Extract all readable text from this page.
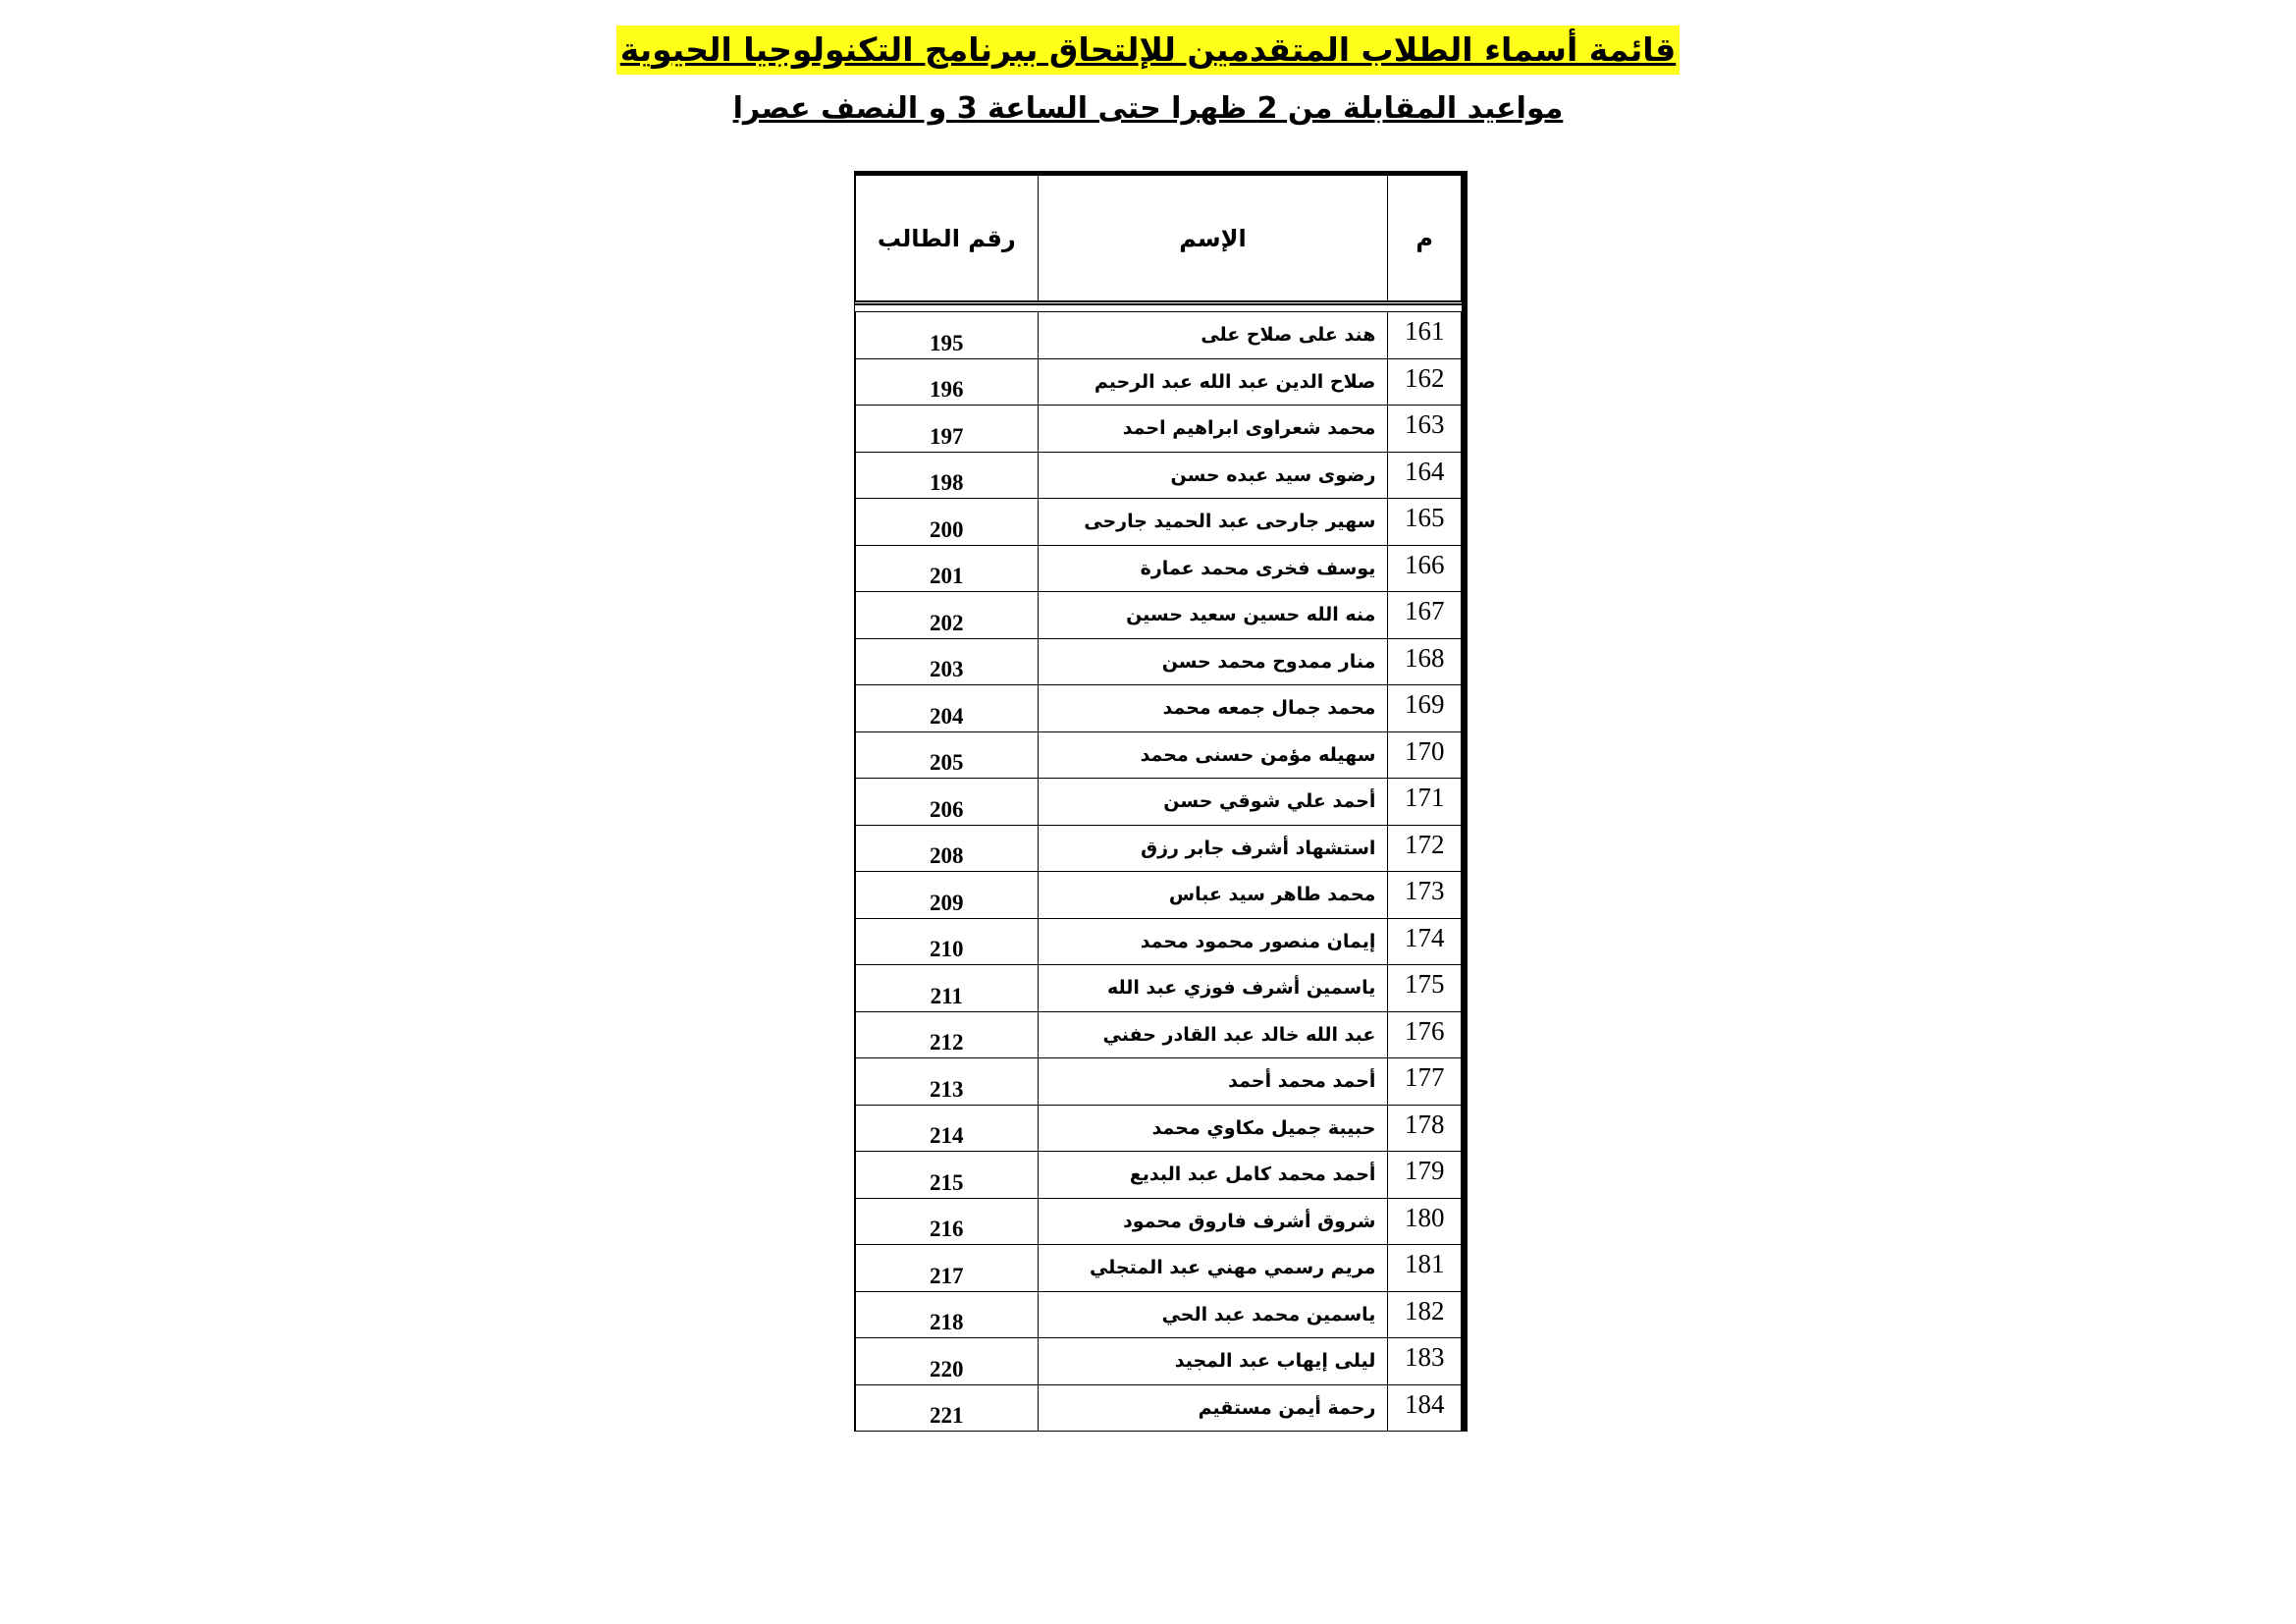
قائمة أسماء الطلاب المتقدمين للإلتحاق ببرنامج التكنولوجيا الحيوية
مواعيد المقابلة من 2 ظهرا حتى الساعة 3 و النصف عصرا
م	الإسم	رقم الطالب

161	هند على صلاح على	195
162	صلاح الدين عبد الله عبد الرحيم	196
163	محمد شعراوى ابراهيم احمد	197
164	رضوى سيد عبده حسن	198
165	سهير جارحى عبد الحميد جارحى	200
166	يوسف فخرى محمد عمارة	201
167	منه الله حسين سعيد حسين	202
168	منار ممدوح محمد حسن	203
169	محمد جمال جمعه محمد	204
170	سهيله مؤمن حسنى محمد	205
171	أحمد علي شوقي حسن	206
172	استشهاد أشرف جابر رزق	208
173	محمد طاهر سيد عباس	209
174	إيمان منصور محمود محمد	210
175	ياسمين أشرف فوزي عبد الله	211
176	عبد الله خالد عبد القادر حفني	212
177	أحمد محمد أحمد	213
178	حبيبة جميل مكاوي محمد	214
179	أحمد محمد كامل عبد البديع	215
180	شروق أشرف فاروق محمود	216
181	مريم رسمي مهني عبد المتجلي	217
182	ياسمين محمد عبد الحي	218
183	ليلى إيهاب عبد المجيد	220
184	رحمة أيمن مستقيم	221
